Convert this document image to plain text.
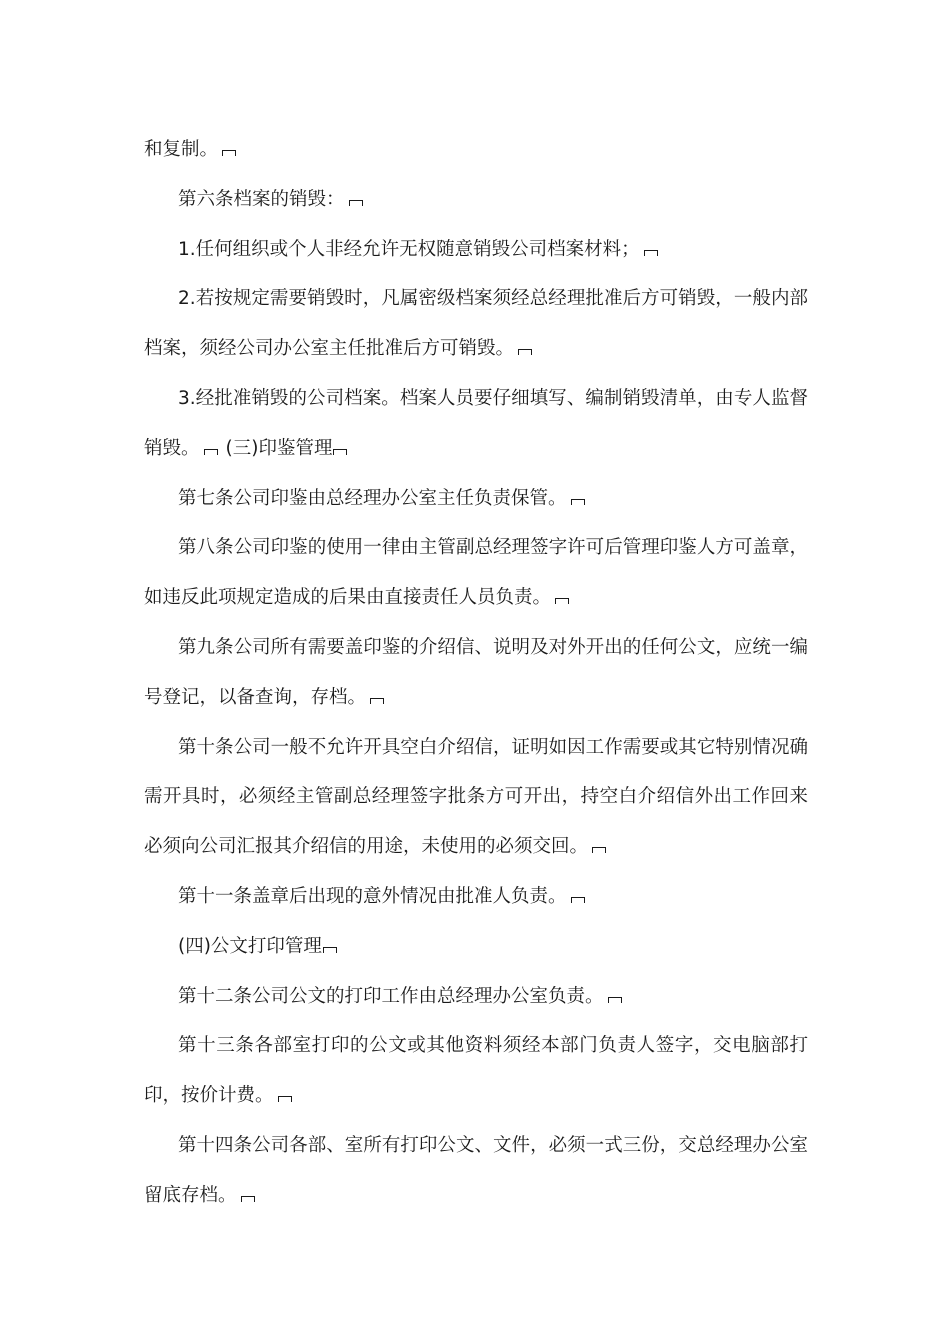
和复制。

第六条档案的销毁：

1.任何组织或个人非经允许无权随意销毁公司档案材料；

2.若按规定需要销毁时，凡属密级档案须经总经理批准后方可销毁，一般内部档案，须经公司办公室主任批准后方可销毁。

3.经批准销毁的公司档案。档案人员要仔细填写、编制销毁清单，由专人监督销毁。 (三)印鉴管理

第七条公司印鉴由总经理办公室主任负责保管。

第八条公司印鉴的使用一律由主管副总经理签字许可后管理印鉴人方可盖章，如违反此项规定造成的后果由直接责任人员负责。

第九条公司所有需要盖印鉴的介绍信、说明及对外开出的任何公文，应统一编号登记，以备查询，存档。

第十条公司一般不允许开具空白介绍信，证明如因工作需要或其它特别情况确需开具时，必须经主管副总经理签字批条方可开出，持空白介绍信外出工作回来必须向公司汇报其介绍信的用途，未使用的必须交回。

第十一条盖章后出现的意外情况由批准人负责。

(四)公文打印管理

第十二条公司公文的打印工作由总经理办公室负责。

第十三条各部室打印的公文或其他资料须经本部门负责人签字，交电脑部打印，按价计费。

第十四条公司各部、室所有打印公文、文件，必须一式三份，交总经理办公室留底存档。
